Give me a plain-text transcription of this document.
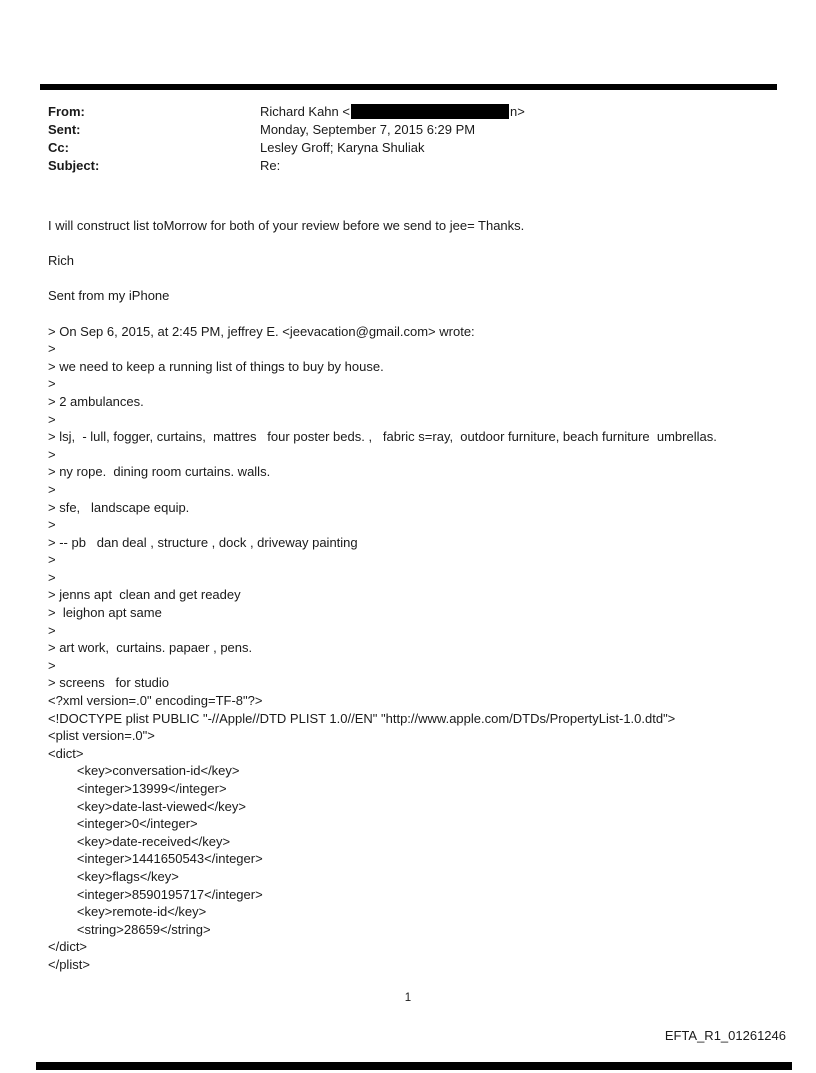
From:	Richard Kahn <	n>
Sent:	Monday, September 7, 2015 6:29 PM
Cc:	Lesley Groff; Karyna Shuliak
Subject:	Re:
I will construct list toMorrow for both of your review before we send to jee= Thanks.

Rich

Sent from my iPhone

> On Sep 6, 2015, at 2:45 PM, jeffrey E. <jeevacation@gmail.com> wrote:
>
> we need to keep a running list of things to buy by house.
>
> 2 ambulances.
>
> lsj,  - lull, fogger, curtains,  mattres   four poster beds. ,   fabric s=ray,  outdoor furniture, beach furniture  umbrellas.
>
> ny rope.  dining room curtains. walls.
>
> sfe,   landscape equip.
>
> -- pb   dan deal , structure , dock , driveway painting
>
>
> jenns apt  clean and get readey
>  leighon apt same
>
> art work,  curtains. papaer , pens.
>
> screens   for studio
<?xml version=.0" encoding=TF-8"?>
<!DOCTYPE plist PUBLIC "-//Apple//DTD PLIST 1.0//EN" "http://www.apple.com/DTDs/PropertyList-1.0.dtd">
<plist version=.0">
<dict>
<key>conversation-id</key>
<integer>13999</integer>
<key>date-last-viewed</key>
<integer>0</integer>
<key>date-received</key>
<integer>1441650543</integer>
<key>flags</key>
<integer>8590195717</integer>
<key>remote-id</key>
<string>28659</string>
</dict>
</plist>
1
EFTA_R1_01261246
